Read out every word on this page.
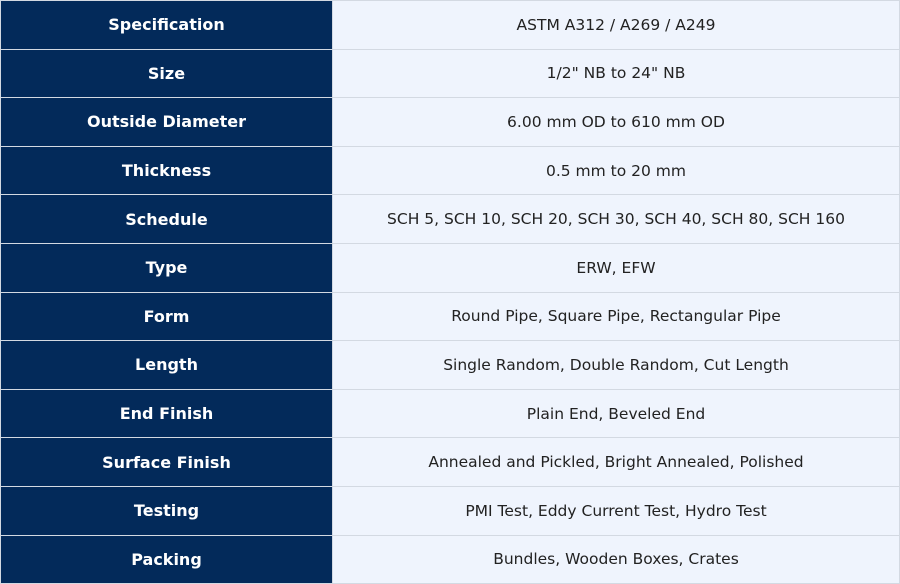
Specification	ASTM A312 / A269 / A249
Size	1/2" NB to 24" NB
Outside Diameter	6.00 mm OD to 610 mm OD
Thickness	0.5 mm to 20 mm
Schedule	SCH 5, SCH 10, SCH 20, SCH 30, SCH 40, SCH 80, SCH 160
Type	ERW, EFW
Form	Round Pipe, Square Pipe, Rectangular Pipe
Length	Single Random, Double Random, Cut Length
End Finish	Plain End, Beveled End
Surface Finish	Annealed and Pickled, Bright Annealed, Polished
Testing	PMI Test, Eddy Current Test, Hydro Test
Packing	Bundles, Wooden Boxes, Crates
